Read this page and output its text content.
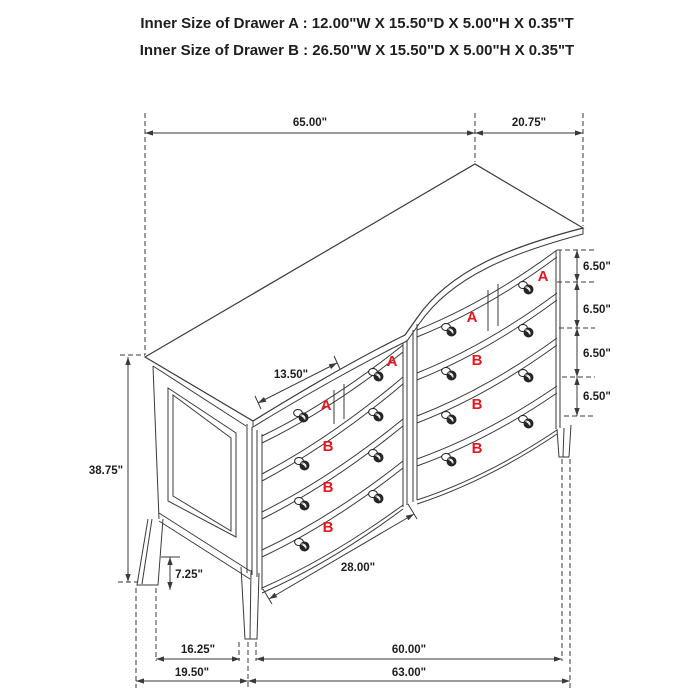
Inner Size of Drawer A : 12.00"W X 15.50"D X 5.00"H X 0.35"T
Inner Size of Drawer B : 26.50"W X 15.50"D X 5.00"H X 0.35"T
A
A
A
A
B
B
B
B
B
B
65.00"	20.75"
6.50"
6.50"
6.50"
6.50"
13.50"
38.75"
7.25"
28.00"
16.25"	60.00"
19.50"	63.00"
